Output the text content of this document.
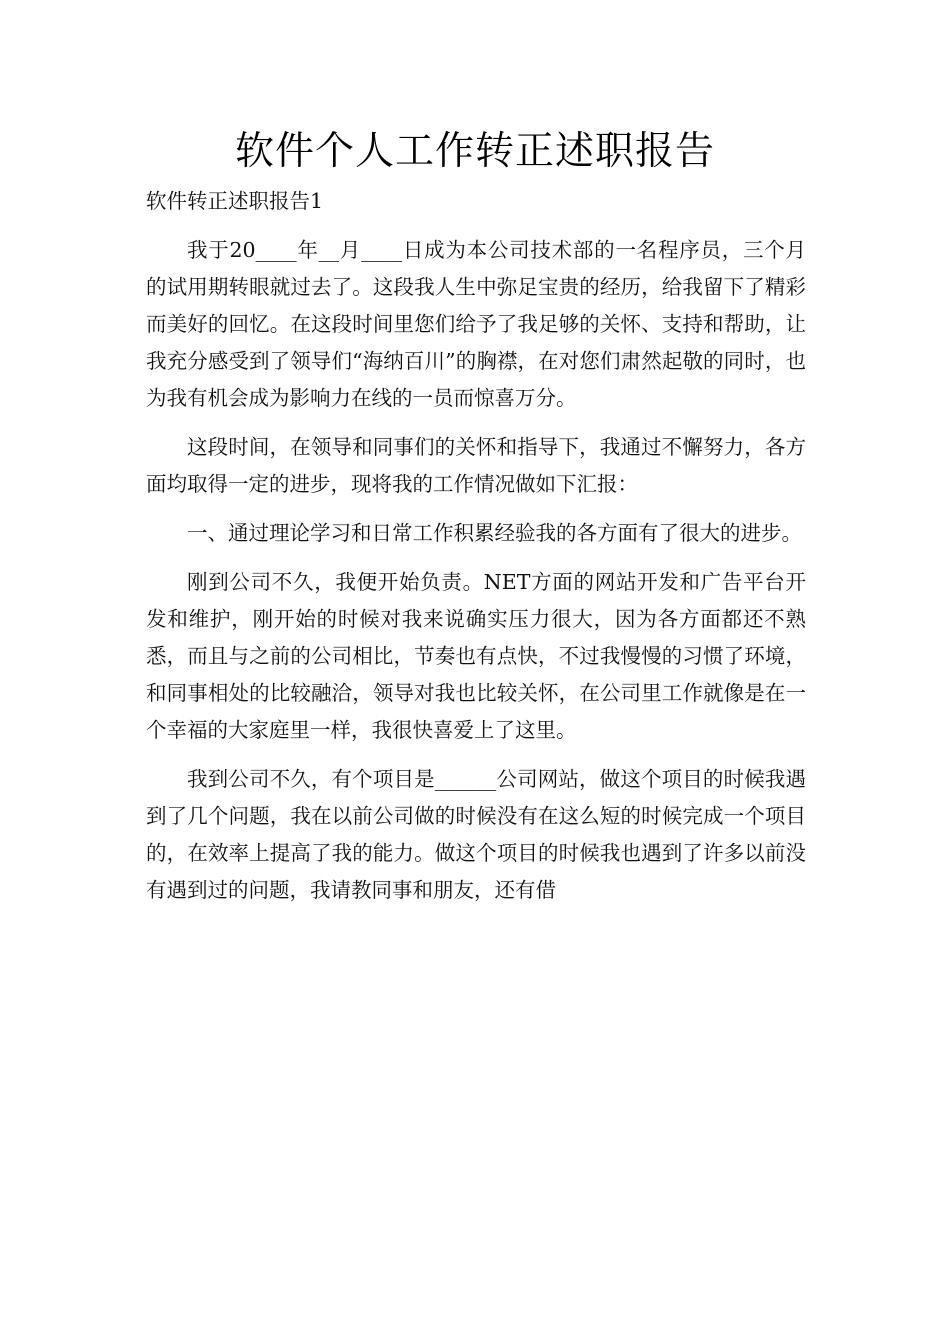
软件个人工作转正述职报告
软件转正述职报告1

我于20____年__月____日成为本公司技术部的一名程序员，三个月的试用期转眼就过去了。这段我人生中弥足宝贵的经历，给我留下了精彩而美好的回忆。在这段时间里您们给予了我足够的关怀、支持和帮助，让我充分感受到了领导们“海纳百川”的胸襟，在对您们肃然起敬的同时，也为我有机会成为影响力在线的一员而惊喜万分。

这段时间，在领导和同事们的关怀和指导下，我通过不懈努力，各方面均取得一定的进步，现将我的工作情况做如下汇报：

一、通过理论学习和日常工作积累经验我的各方面有了很大的进步。

刚到公司不久，我便开始负责。NET方面的网站开发和广告平台开发和维护，刚开始的时候对我来说确实压力很大，因为各方面都还不熟悉，而且与之前的公司相比，节奏也有点快，不过我慢慢的习惯了环境，和同事相处的比较融洽，领导对我也比较关怀，在公司里工作就像是在一个幸福的大家庭里一样，我很快喜爱上了这里。

我到公司不久，有个项目是______公司网站，做这个项目的时候我遇到了几个问题，我在以前公司做的时候没有在这么短的时候完成一个项目的，在效率上提高了我的能力。做这个项目的时候我也遇到了许多以前没有遇到过的问题，我请教同事和朋友，还有借
